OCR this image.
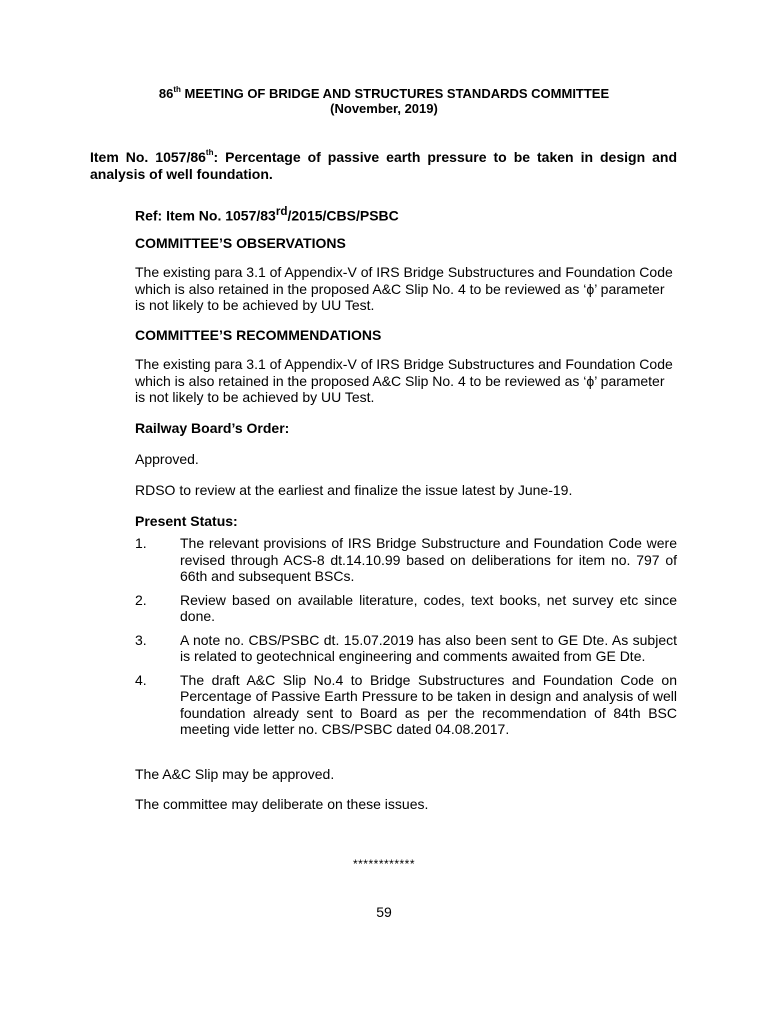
86th MEETING OF BRIDGE AND STRUCTURES STANDARDS COMMITTEE
(November, 2019)
Item No. 1057/86th: Percentage of passive earth pressure to be taken in design and analysis of well foundation.
Ref: Item No. 1057/83rd/2015/CBS/PSBC
COMMITTEE’S OBSERVATIONS
The existing para 3.1 of Appendix-V of IRS Bridge Substructures and Foundation Code which is also retained in the proposed A&C Slip No. 4 to be reviewed as ‘ϕ’ parameter is not likely to be achieved by UU Test.
COMMITTEE’S RECOMMENDATIONS
The existing para 3.1 of Appendix-V of IRS Bridge Substructures and Foundation Code which is also retained in the proposed A&C Slip No. 4 to be reviewed as ‘ϕ’ parameter is not likely to be achieved by UU Test.
Railway Board’s Order:
Approved.
RDSO to review at the earliest and finalize the issue latest by June-19.
Present Status:
1. The relevant provisions of IRS Bridge Substructure and Foundation Code were revised through ACS-8 dt.14.10.99 based on deliberations for item no. 797 of 66th and subsequent BSCs.
2. Review based on available literature, codes, text books, net survey etc since done.
3. A note no. CBS/PSBC dt. 15.07.2019 has also been sent to GE Dte. As subject is related to geotechnical engineering and comments awaited from GE Dte.
4. The draft A&C Slip No.4 to Bridge Substructures and Foundation Code on Percentage of Passive Earth Pressure to be taken in design and analysis of well foundation already sent to Board as per the recommendation of 84th BSC meeting vide letter no. CBS/PSBC dated 04.08.2017.
The A&C Slip may be approved.
The committee may deliberate on these issues.
************
59
